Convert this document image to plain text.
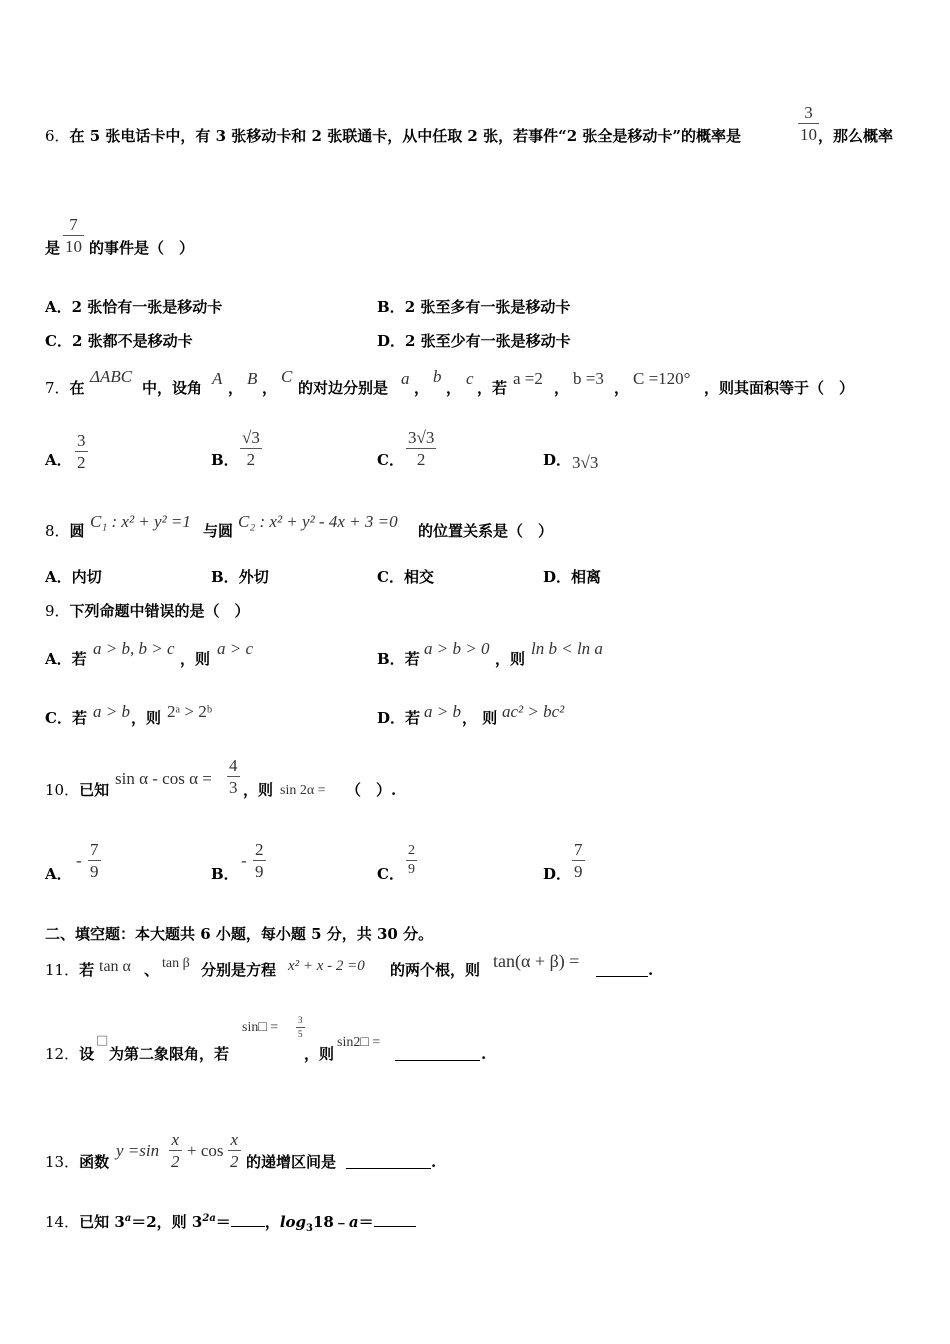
6．在 5 张电话卡中，有 3 张移动卡和 2 张联通卡，从中任取 2 张，若事件“2 张全是移动卡”的概率是
3
10 ，那么概率
是
7
10 的事件是（　）
A．2 张恰有一张是移动卡	B．2 张至多有一张是移动卡
C．2 张都不是移动卡	D．2 张至少有一张是移动卡
7．在
ΔABC
中，设角 A ， B ，
C
的对边分别是 a ，
b
， c ，若 a =2 ， b =3 ， C =120° ，则其面积等于（　）
A．
3
2	B．
√3
2	C．
3√3
2	D． 3√3
8．圆 C₁ : x² + y² =1 与圆 C₂ : x² + y² - 4x + 3 =0 的位置关系是（　）
A．内切	B．外切	C．相交	D．相离
9．下列命题中错误的是（　）
A．若
a > b, b > c
，则
a > c
B．若
a > b > 0
，则
ln b < ln a
C．若 a > b ，则 2ᵃ > 2ᵇ	D．若 a > b ， 则 ac² > bc²
10．已知
sin α - cos α =
4
3 ，则 sin 2α = （　）.
A．
-
7
9	B．
-
2
9	C．
2
9	D．
7
9
二、填空题：本大题共 6 小题，每小题 5 分，共 30 分。
11．若 tan α 、 tan β 分别是方程 x² + x - 2 =0 的两个根，则 tan(α + β) =	.
12．设
□
为第二象限角，若
sin□ = 3
5
，则
sin2□ =
.
13．函数
y =sin
x
2
+ cos
x
2 的递增区间是	.
14．已知 $3^a=2$，则 $3^{2a}=$ ，$\log_318﹣a=$
